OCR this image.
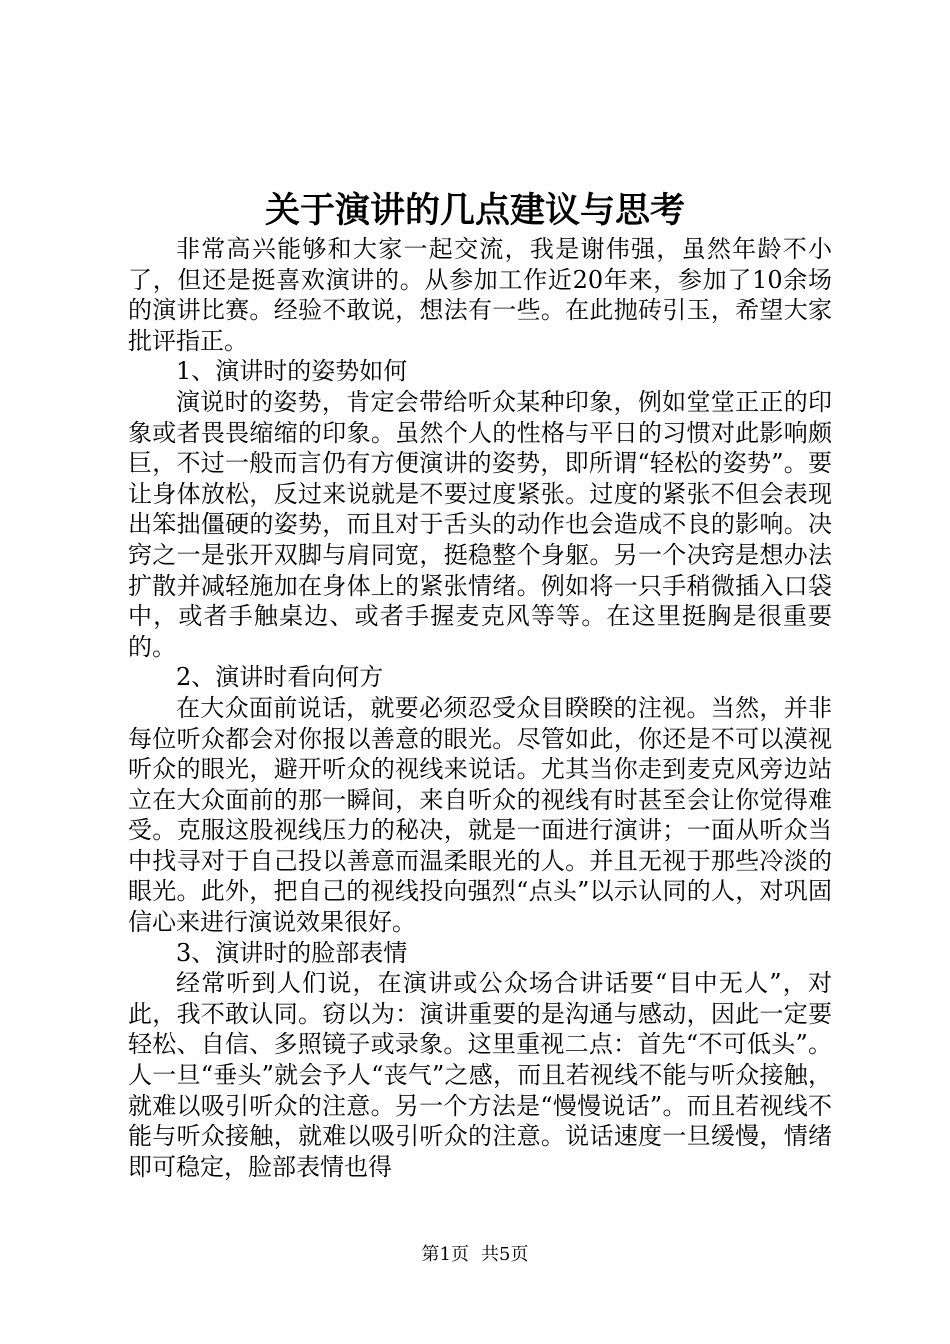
关于演讲的几点建议与思考

非常高兴能够和大家一起交流，我是谢伟强，虽然年龄不小了，但还是挺喜欢演讲的。从参加工作近20年来，参加了10余场的演讲比赛。经验不敢说，想法有一些。在此抛砖引玉，希望大家批评指正。

1、演讲时的姿势如何

演说时的姿势，肯定会带给听众某种印象，例如堂堂正正的印象或者畏畏缩缩的印象。虽然个人的性格与平日的习惯对此影响颇巨，不过一般而言仍有方便演讲的姿势，即所谓“轻松的姿势”。要让身体放松，反过来说就是不要过度紧张。过度的紧张不但会表现出笨拙僵硬的姿势，而且对于舌头的动作也会造成不良的影响。决窍之一是张开双脚与肩同宽，挺稳整个身躯。另一个决窍是想办法扩散并减轻施加在身体上的紧张情绪。例如将一只手稍微插入口袋中，或者手触桌边、或者手握麦克风等等。在这里挺胸是很重要的。

2、演讲时看向何方

在大众面前说话，就要必须忍受众目睽睽的注视。当然，并非每位听众都会对你报以善意的眼光。尽管如此，你还是不可以漠视听众的眼光，避开听众的视线来说话。尤其当你走到麦克风旁边站立在大众面前的那一瞬间，来自听众的视线有时甚至会让你觉得难受。克服这股视线压力的秘决，就是一面进行演讲；一面从听众当中找寻对于自己投以善意而温柔眼光的人。并且无视于那些冷淡的眼光。此外，把自己的视线投向强烈“点头”以示认同的人，对巩固信心来进行演说效果很好。

3、演讲时的脸部表情

经常听到人们说，在演讲或公众场合讲话要“目中无人”，对此，我不敢认同。窃以为：演讲重要的是沟通与感动，因此一定要轻松、自信、多照镜子或录象。这里重视二点：首先“不可低头”。人一旦“垂头”就会予人“丧气”之感，而且若视线不能与听众接触，就难以吸引听众的注意。另一个方法是“慢慢说话”。而且若视线不能与听众接触，就难以吸引听众的注意。说话速度一旦缓慢，情绪即可稳定，脸部表情也得

第1页 共5页
